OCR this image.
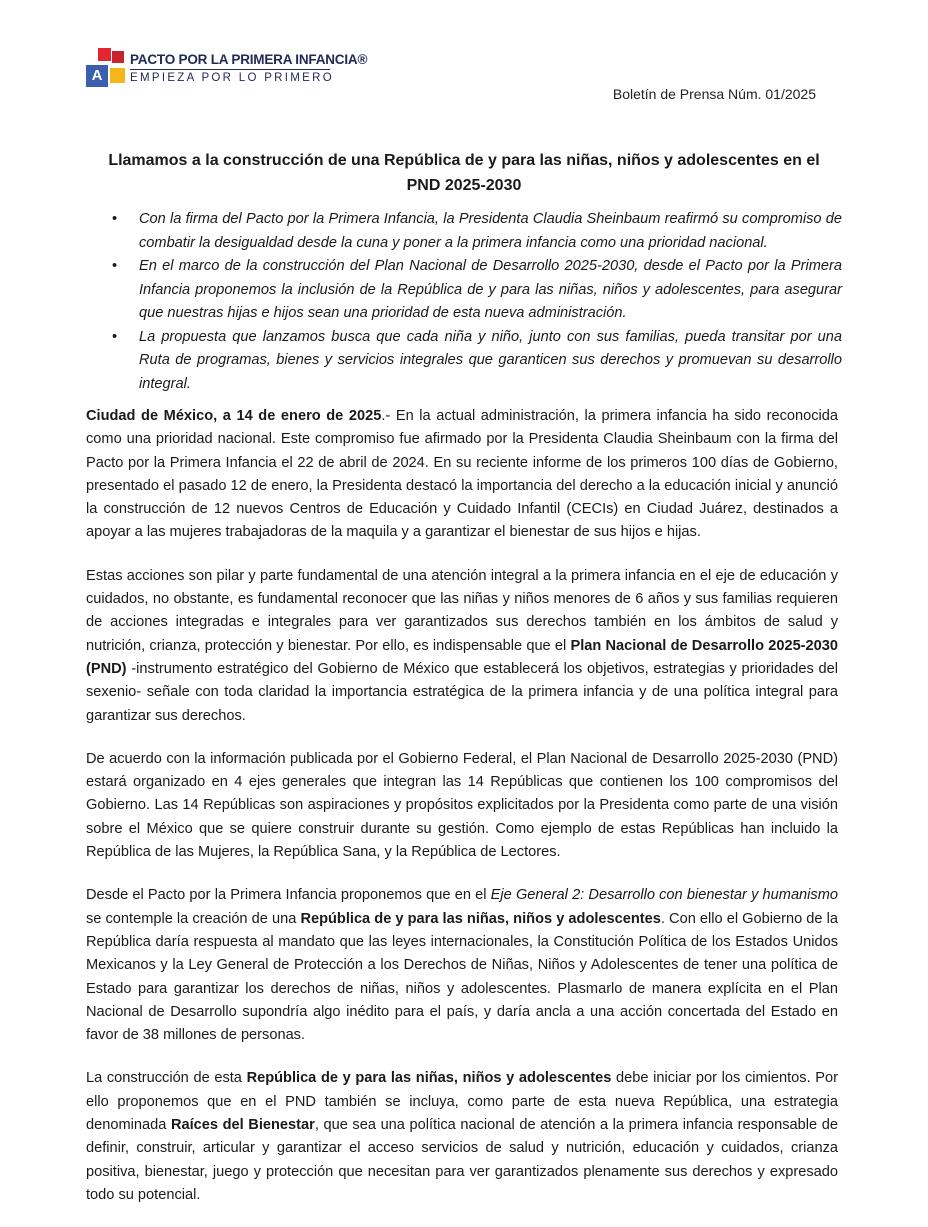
A
PACTO POR LA PRIMERA INFANCIA®
EMPIEZA POR LO PRIMERO
Boletín de Prensa Núm. 01/2025
Llamamos a la construcción de una República de y para las niñas, niños y adolescentes en el PND 2025-2030
• Con la firma del Pacto por la Primera Infancia, la Presidenta Claudia Sheinbaum reafirmó su compromiso de combatir la desigualdad desde la cuna y poner a la primera infancia como una prioridad nacional.
• En el marco de la construcción del Plan Nacional de Desarrollo 2025-2030, desde el Pacto por la Primera Infancia proponemos la inclusión de la República de y para las niñas, niños y adolescentes, para asegurar que nuestras hijas e hijos sean una prioridad de esta nueva administración.
• La propuesta que lanzamos busca que cada niña y niño, junto con sus familias, pueda transitar por una Ruta de programas, bienes y servicios integrales que garanticen sus derechos y promuevan su desarrollo integral.

Ciudad de México, a 14 de enero de 2025.- En la actual administración, la primera infancia ha sido reconocida como una prioridad nacional. Este compromiso fue afirmado por la Presidenta Claudia Sheinbaum con la firma del Pacto por la Primera Infancia el 22 de abril de 2024. En su reciente informe de los primeros 100 días de Gobierno, presentado el pasado 12 de enero, la Presidenta destacó la importancia del derecho a la educación inicial y anunció la construcción de 12 nuevos Centros de Educación y Cuidado Infantil (CECIs) en Ciudad Juárez, destinados a apoyar a las mujeres trabajadoras de la maquila y a garantizar el bienestar de sus hijos e hijas.

Estas acciones son pilar y parte fundamental de una atención integral a la primera infancia en el eje de educación y cuidados, no obstante, es fundamental reconocer que las niñas y niños menores de 6 años y sus familias requieren de acciones integradas e integrales para ver garantizados sus derechos también en los ámbitos de salud y nutrición, crianza, protección y bienestar. Por ello, es indispensable que el Plan Nacional de Desarrollo 2025-2030 (PND) -instrumento estratégico del Gobierno de México que establecerá los objetivos, estrategias y prioridades del sexenio- señale con toda claridad la importancia estratégica de la primera infancia y de una política integral para garantizar sus derechos.

De acuerdo con la información publicada por el Gobierno Federal, el Plan Nacional de Desarrollo 2025-2030 (PND) estará organizado en 4 ejes generales que integran las 14 Repúblicas que contienen los 100 compromisos del Gobierno. Las 14 Repúblicas son aspiraciones y propósitos explicitados por la Presidenta como parte de una visión sobre el México que se quiere construir durante su gestión. Como ejemplo de estas Repúblicas han incluido la República de las Mujeres, la República Sana, y la República de Lectores.

Desde el Pacto por la Primera Infancia proponemos que en el Eje General 2: Desarrollo con bienestar y humanismo se contemple la creación de una República de y para las niñas, niños y adolescentes. Con ello el Gobierno de la República daría respuesta al mandato que las leyes internacionales, la Constitución Política de los Estados Unidos Mexicanos y la Ley General de Protección a los Derechos de Niñas, Niños y Adolescentes de tener una política de Estado para garantizar los derechos de niñas, niños y adolescentes. Plasmarlo de manera explícita en el Plan Nacional de Desarrollo supondría algo inédito para el país, y daría ancla a una acción concertada del Estado en favor de 38 millones de personas.

La construcción de esta República de y para las niñas, niños y adolescentes debe iniciar por los cimientos. Por ello proponemos que en el PND también se incluya, como parte de esta nueva República, una estrategia denominada Raíces del Bienestar, que sea una política nacional de atención a la primera infancia responsable de definir, construir, articular y garantizar el acceso servicios de salud y nutrición, educación y cuidados, crianza positiva, bienestar, juego y protección que necesitan para ver garantizados plenamente sus derechos y expresado todo su potencial.
